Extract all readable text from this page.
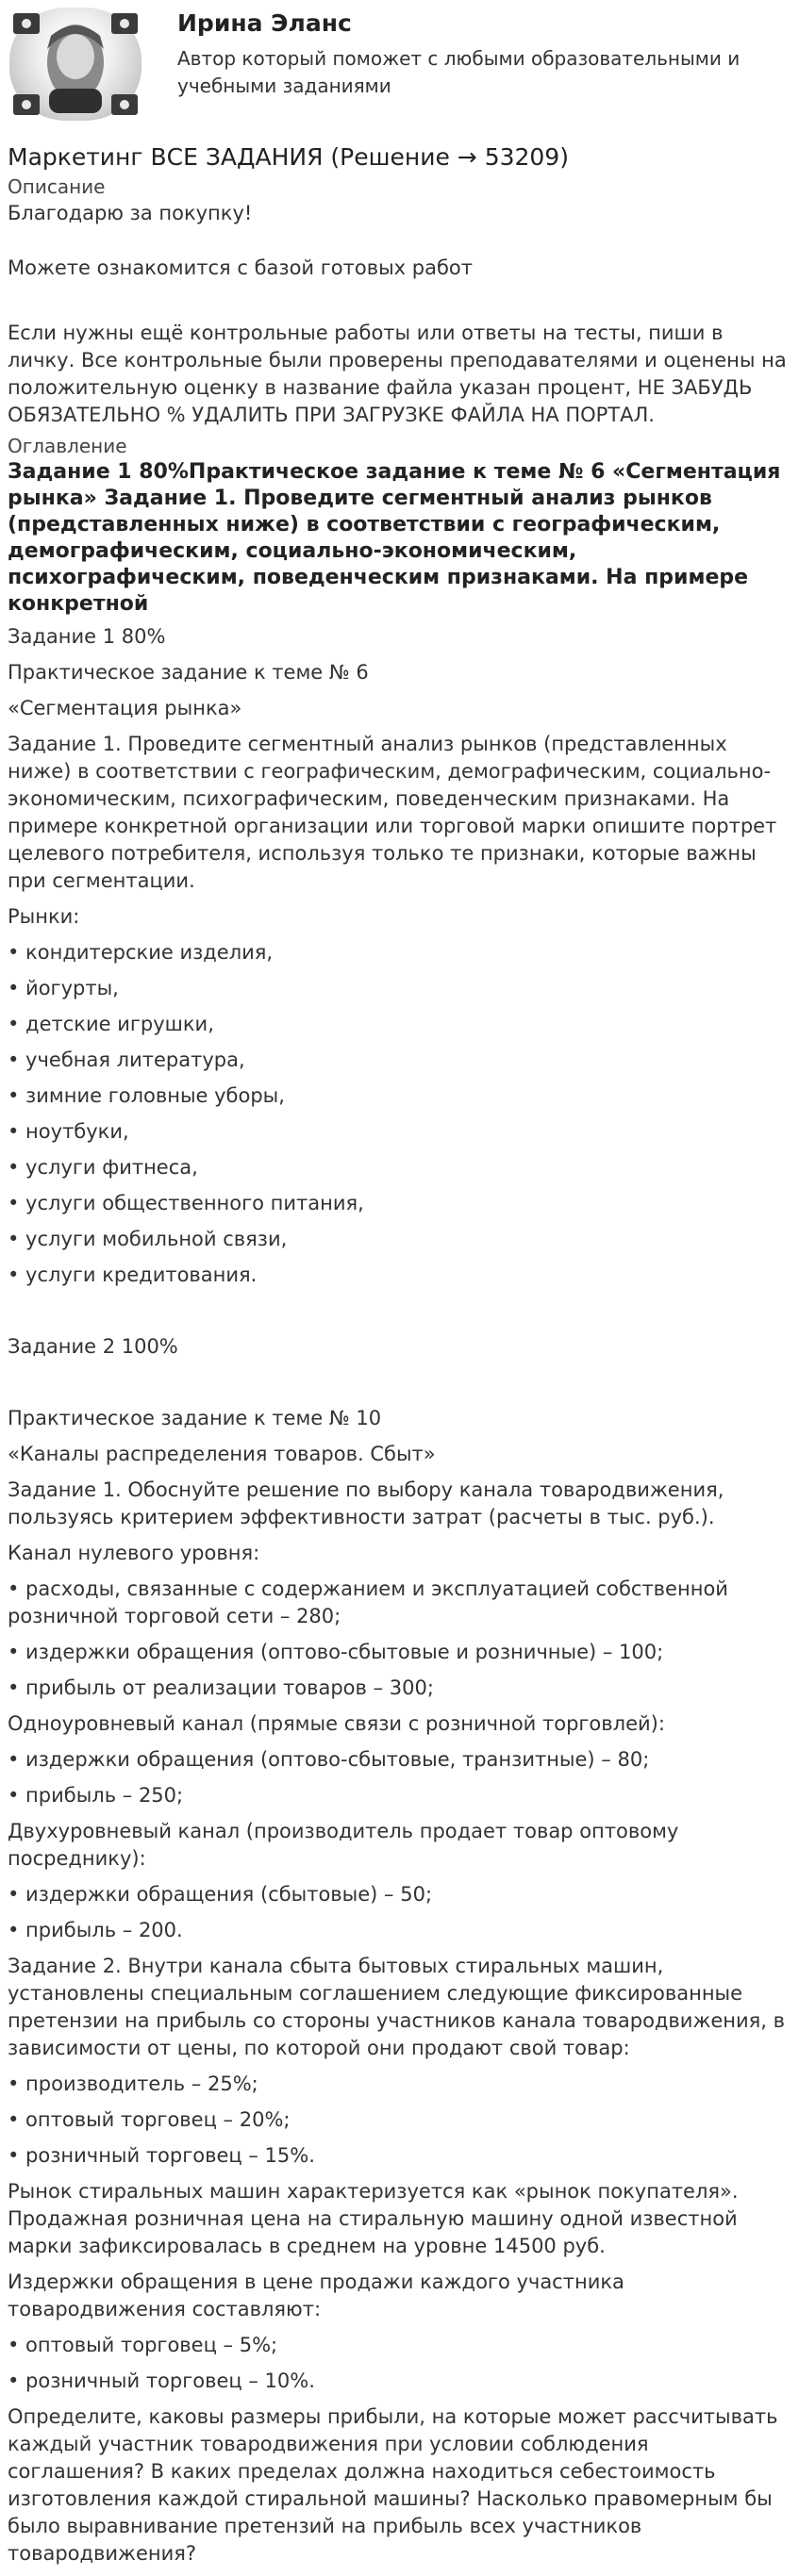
Ирина Эланс
Автор который поможет с любыми образовательными и учебными заданиями
Маркетинг ВСЕ ЗАДАНИЯ (Решение → 53209)
Описание

Благодарю за покупку!

Можете ознакомится с базой готовых работ

Если нужны ещё контрольные работы или ответы на тесты, пиши в личку. Все контрольные были проверены преподавателями и оценены на положительную оценку в название файла указан процент, НЕ ЗАБУДЬ ОБЯЗАТЕЛЬНО % УДАЛИТЬ ПРИ ЗАГРУЗКЕ ФАЙЛА НА ПОРТАЛ.

Оглавление
Задание 1 80%Практическое задание к теме № 6 «Сегментация рынка» Задание 1. Проведите сегментный анализ рынков (представленных ниже) в соответствии с географическим, демографическим, социально-экономическим, психографическим, поведенческим признаками. На примере конкретной

Задание 1 80%

Практическое задание к теме № 6

«Сегментация рынка»

Задание 1. Проведите сегментный анализ рынков (представленных ниже) в соответствии с географическим, демографическим, социально-экономическим, психографическим, поведенческим признаками. На примере конкретной организации или торговой марки опишите портрет целевого потребителя, используя только те признаки, которые важны при сегментации.

Рынки:

• кондитерские изделия,

• йогурты,

• детские игрушки,

• учебная литература,

• зимние головные уборы,

• ноутбуки,

• услуги фитнеса,

• услуги общественного питания,

• услуги мобильной связи,

• услуги кредитования.

Задание 2 100%

Практическое задание к теме № 10

«Каналы распределения товаров. Сбыт»

Задание 1. Обоснуйте решение по выбору канала товародвижения, пользуясь критерием эффективности затрат (расчеты в тыс. руб.).

Канал нулевого уровня:

• расходы, связанные с содержанием и эксплуатацией собственной розничной торговой сети – 280;

• издержки обращения (оптово-сбытовые и розничные) – 100;

• прибыль от реализации товаров – 300;

Одноуровневый канал (прямые связи с розничной торговлей):

• издержки обращения (оптово-сбытовые, транзитные) – 80;

• прибыль – 250;

Двухуровневый канал (производитель продает товар оптовому посреднику):

• издержки обращения (сбытовые) – 50;

• прибыль – 200.

Задание 2. Внутри канала сбыта бытовых стиральных машин, установлены специальным соглашением следующие фиксированные претензии на прибыль со стороны участников канала товародвижения, в зависимости от цены, по которой они продают свой товар:

• производитель – 25%;

• оптовый торговец – 20%;

• розничный торговец – 15%.

Рынок стиральных машин характеризуется как «рынок покупателя». Продажная розничная цена на стиральную машину одной известной марки зафиксировалась в среднем на уровне 14500 руб.

Издержки обращения в цене продажи каждого участника товародвижения составляют:

• оптовый торговец – 5%;

• розничный торговец – 10%.

Определите, каковы размеры прибыли, на которые может рассчитывать каждый участник товародвижения при условии соблюдения соглашения? В каких пределах должна находиться себестоимость изготовления каждой стиральной машины? Насколько правомерным бы было выравнивание претензий на прибыль всех участников товародвижения?
